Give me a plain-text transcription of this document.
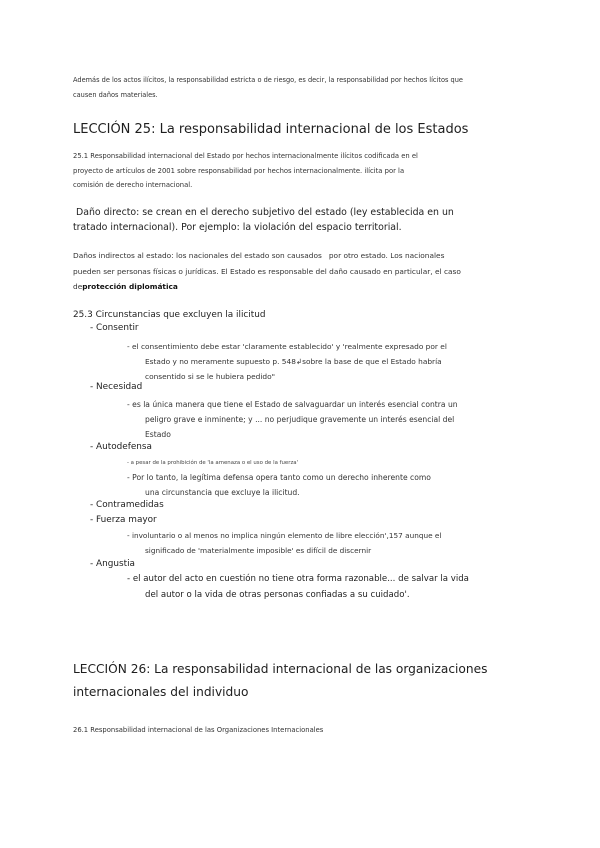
Además de los actos ilícitos, la responsabilidad estricta o de riesgo, es decir, la responsabilidad por hechos lícitos que
causen daños materiales.
LECCIÓN 25: La responsabilidad internacional de los Estados
25.1 Responsabilidad internacional del Estado por hechos internacionalmente ilícitos codificada en el
proyecto de artículos de 2001 sobre responsabilidad por hechos internacionalmente. ilícita por la
comisión de derecho internacional.
Daño directo: se crean en el derecho subjetivo del estado (ley establecida en un
tratado internacional). Por ejemplo: la violación del espacio territorial.
Daños indirectos al estado: los nacionales del estado son causados   por otro estado. Los nacionales
pueden ser personas físicas o jurídicas. El Estado es responsable del daño causado en particular, el caso
deprotección diplomática
25.3 Circunstancias que excluyen la ilicitud
- Consentir
- el consentimiento debe estar 'claramente establecido' y 'realmente expresado por el
Estado y no meramente supuesto p. 548↲sobre la base de que el Estado habría
consentido si se le hubiera pedido"
- Necesidad
- es la única manera que tiene el Estado de salvaguardar un interés esencial contra un
peligro grave e inminente; y ... no perjudique gravemente un interés esencial del
Estado
- Autodefensa
- a pesar de la prohibición de 'la amenaza o el uso de la fuerza'
- Por lo tanto, la legítima defensa opera tanto como un derecho inherente como
una circunstancia que excluye la ilicitud.
- Contramedidas
- Fuerza mayor
- involuntario o al menos no implica ningún elemento de libre elección',157 aunque el
significado de 'materialmente imposible' es difícil de discernir
- Angustia
- el autor del acto en cuestión no tiene otra forma razonable... de salvar la vida
del autor o la vida de otras personas confiadas a su cuidado'.
LECCIÓN 26: La responsabilidad internacional de las organizaciones
internacionales del individuo
26.1 Responsabilidad internacional de las Organizaciones Internacionales
